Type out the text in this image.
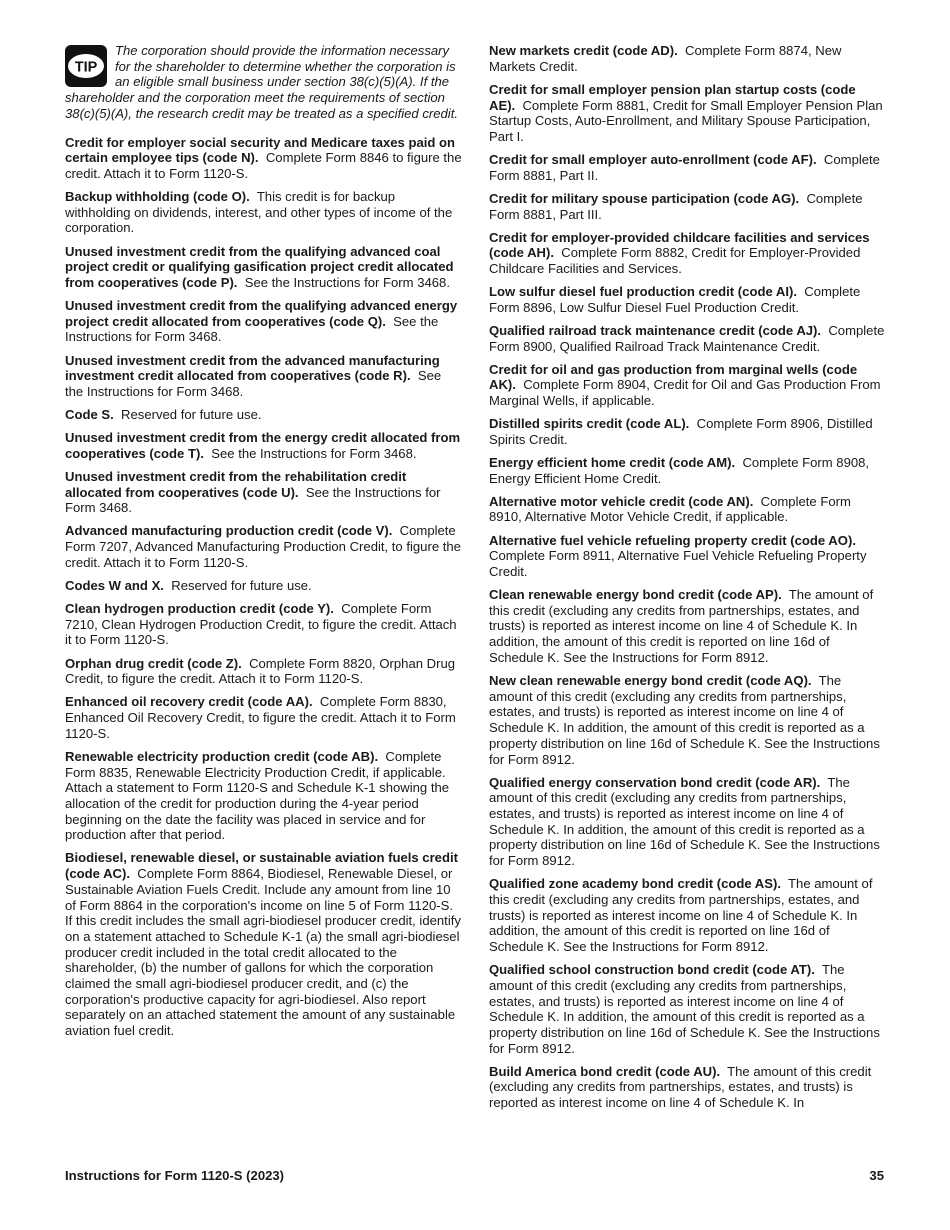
TIP

The corporation should provide the information necessary for the shareholder to determine whether the corporation is an eligible small business under section 38(c)(5)(A). If the shareholder and the corporation meet the requirements of section 38(c)(5)(A), the research credit may be treated as a specified credit.

Credit for employer social security and Medicare taxes paid on certain employee tips (code N). Complete Form 8846 to figure the credit. Attach it to Form 1120-S.

Backup withholding (code O). This credit is for backup withholding on dividends, interest, and other types of income of the corporation.

Unused investment credit from the qualifying advanced coal project credit or qualifying gasification project credit allocated from cooperatives (code P). See the Instructions for Form 3468.

Unused investment credit from the qualifying advanced energy project credit allocated from cooperatives (code Q). See the Instructions for Form 3468.

Unused investment credit from the advanced manufacturing investment credit allocated from cooperatives (code R). See the Instructions for Form 3468.

Code S. Reserved for future use.

Unused investment credit from the energy credit allocated from cooperatives (code T). See the Instructions for Form 3468.

Unused investment credit from the rehabilitation credit allocated from cooperatives (code U). See the Instructions for Form 3468.

Advanced manufacturing production credit (code V). Complete Form 7207, Advanced Manufacturing Production Credit, to figure the credit. Attach it to Form 1120-S.

Codes W and X. Reserved for future use.

Clean hydrogen production credit (code Y). Complete Form 7210, Clean Hydrogen Production Credit, to figure the credit. Attach it to Form 1120-S.

Orphan drug credit (code Z). Complete Form 8820, Orphan Drug Credit, to figure the credit. Attach it to Form 1120-S.

Enhanced oil recovery credit (code AA). Complete Form 8830, Enhanced Oil Recovery Credit, to figure the credit. Attach it to Form 1120-S.

Renewable electricity production credit (code AB). Complete Form 8835, Renewable Electricity Production Credit, if applicable. Attach a statement to Form 1120-S and Schedule K-1 showing the allocation of the credit for production during the 4-year period beginning on the date the facility was placed in service and for production after that period.

Biodiesel, renewable diesel, or sustainable aviation fuels credit (code AC). Complete Form 8864, Biodiesel, Renewable Diesel, or Sustainable Aviation Fuels Credit. Include any amount from line 10 of Form 8864 in the corporation's income on line 5 of Form 1120-S. If this credit includes the small agri-biodiesel producer credit, identify on a statement attached to Schedule K-1 (a) the small agri-biodiesel producer credit included in the total credit allocated to the shareholder, (b) the number of gallons for which the corporation claimed the small agri-biodiesel producer credit, and (c) the corporation's productive capacity for agri-biodiesel. Also report separately on an attached statement the amount of any sustainable aviation fuel credit.

New markets credit (code AD). Complete Form 8874, New Markets Credit.

Credit for small employer pension plan startup costs (code AE). Complete Form 8881, Credit for Small Employer Pension Plan Startup Costs, Auto-Enrollment, and Military Spouse Participation, Part I.

Credit for small employer auto-enrollment (code AF). Complete Form 8881, Part II.

Credit for military spouse participation (code AG). Complete Form 8881, Part III.

Credit for employer-provided childcare facilities and services (code AH). Complete Form 8882, Credit for Employer-Provided Childcare Facilities and Services.

Low sulfur diesel fuel production credit (code AI). Complete Form 8896, Low Sulfur Diesel Fuel Production Credit.

Qualified railroad track maintenance credit (code AJ). Complete Form 8900, Qualified Railroad Track Maintenance Credit.

Credit for oil and gas production from marginal wells (code AK). Complete Form 8904, Credit for Oil and Gas Production From Marginal Wells, if applicable.

Distilled spirits credit (code AL). Complete Form 8906, Distilled Spirits Credit.

Energy efficient home credit (code AM). Complete Form 8908, Energy Efficient Home Credit.

Alternative motor vehicle credit (code AN). Complete Form 8910, Alternative Motor Vehicle Credit, if applicable.

Alternative fuel vehicle refueling property credit (code AO).  Complete Form 8911, Alternative Fuel Vehicle Refueling Property Credit.

Clean renewable energy bond credit (code AP). The amount of this credit (excluding any credits from partnerships, estates, and trusts) is reported as interest income on line 4 of Schedule K. In addition, the amount of this credit is reported on line 16d of Schedule K. See the Instructions for Form 8912.

New clean renewable energy bond credit (code AQ). The amount of this credit (excluding any credits from partnerships, estates, and trusts) is reported as interest income on line 4 of Schedule K. In addition, the amount of this credit is reported as a property distribution on line 16d of Schedule K. See the Instructions for Form 8912.

Qualified energy conservation bond credit (code AR). The amount of this credit (excluding any credits from partnerships, estates, and trusts) is reported as interest income on line 4 of Schedule K. In addition, the amount of this credit is reported as a property distribution on line 16d of Schedule K. See the Instructions for Form 8912.

Qualified zone academy bond credit (code AS). The amount of this credit (excluding any credits from partnerships, estates, and trusts) is reported as interest income on line 4 of Schedule K. In addition, the amount of this credit is reported on line 16d of Schedule K. See the Instructions for Form 8912.

Qualified school construction bond credit (code AT). The amount of this credit (excluding any credits from partnerships, estates, and trusts) is reported as interest income on line 4 of Schedule K. In addition, the amount of this credit is reported as a property distribution on line 16d of Schedule K. See the Instructions for Form 8912.

Build America bond credit (code AU). The amount of this credit (excluding any credits from partnerships, estates, and trusts) is reported as interest income on line 4 of Schedule K. In

Instructions for Form 1120-S (2023)	35
